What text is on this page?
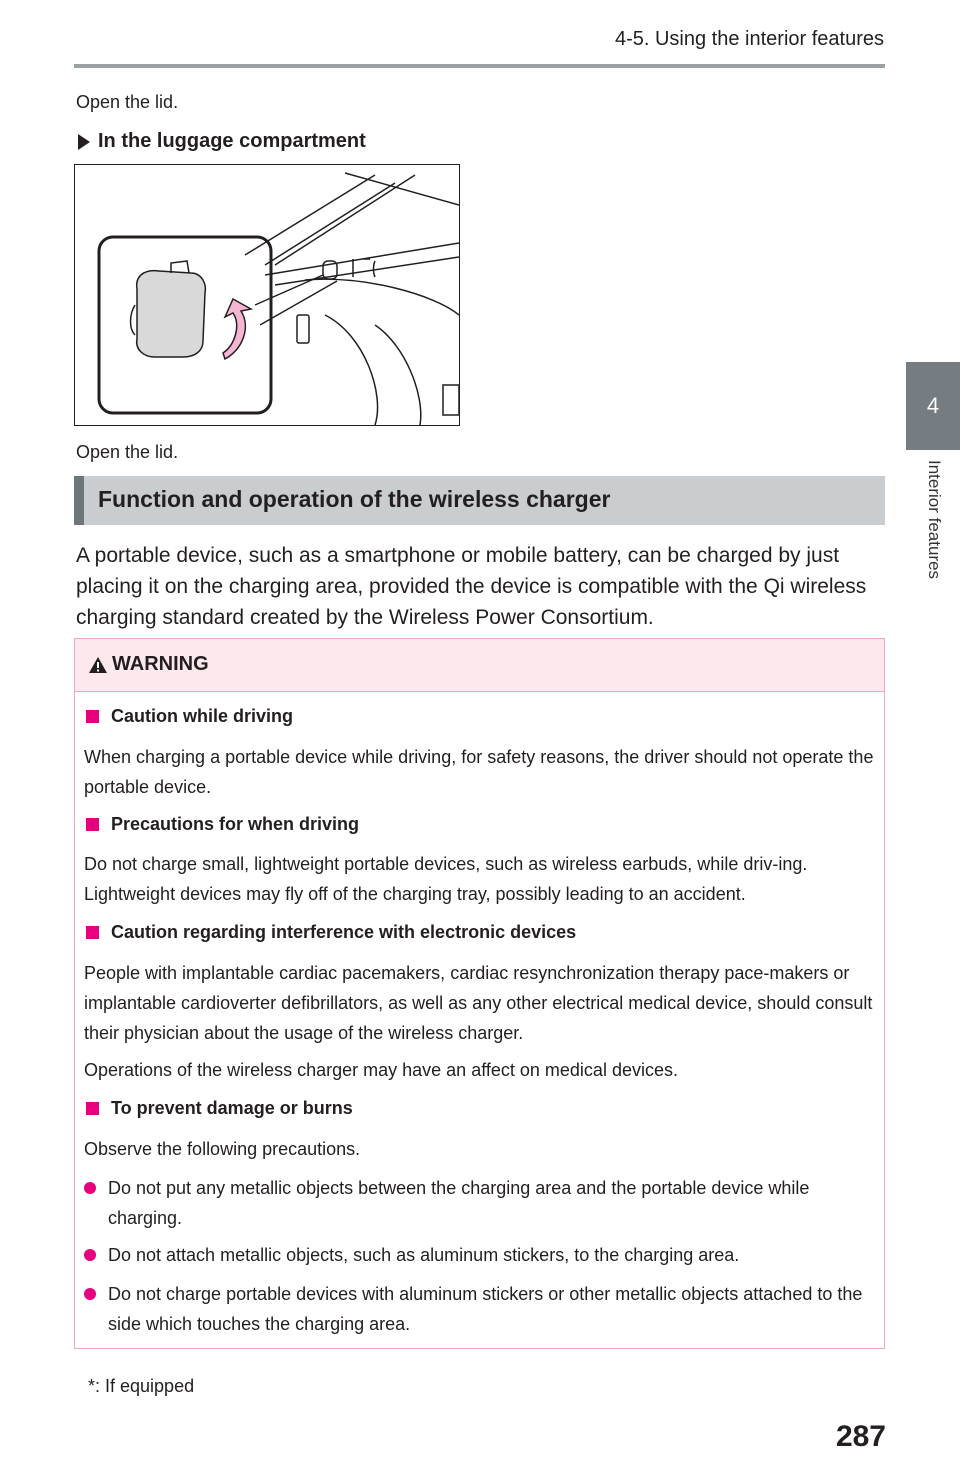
4-5. Using the interior features
4
Interior features
Open the lid.
In the luggage compartment
Open the lid.
Function and operation of the wireless charger
A portable device, such as a smartphone or mobile battery, can be charged by just placing it on the charging area, provided the device is compatible with the Qi wireless charging standard created by the Wireless Power Consortium.
WARNING
Caution while driving
When charging a portable device while driving, for safety reasons, the driver should not operate the portable device.
Precautions for when driving
Do not charge small, lightweight portable devices, such as wireless earbuds, while driv-ing. Lightweight devices may fly off of the charging tray, possibly leading to an accident.
Caution regarding interference with electronic devices
People with implantable cardiac pacemakers, cardiac resynchronization therapy pace-makers or implantable cardioverter defibrillators, as well as any other electrical medical device, should consult their physician about the usage of the wireless charger.
Operations of the wireless charger may have an affect on medical devices.
To prevent damage or burns
Observe the following precautions.
Do not put any metallic objects between the charging area and the portable device while charging.
Do not attach metallic objects, such as aluminum stickers, to the charging area.
Do not charge portable devices with aluminum stickers or other metallic objects attached to the side which touches the charging area.
*: If equipped
287
